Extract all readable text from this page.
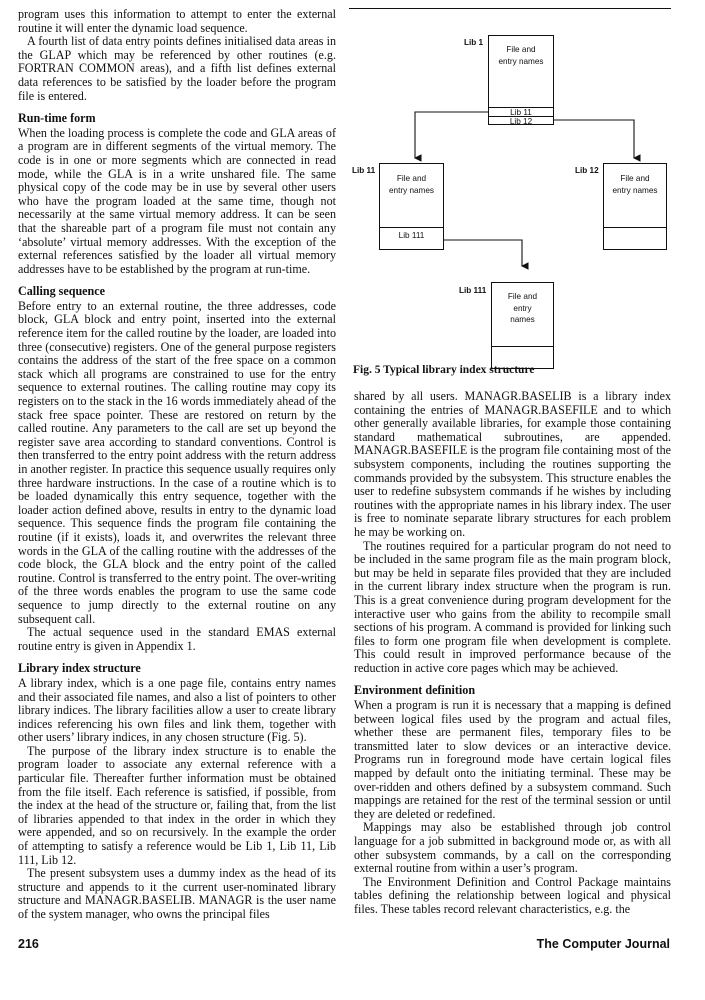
program uses this information to attempt to enter the external routine it will enter the dynamic load sequence.

A fourth list of data entry points defines initialised data areas in the GLAP which may be referenced by other routines (e.g. FORTRAN COMMON areas), and a fifth list defines external data references to be satisfied by the loader before the program file is entered.

Run-time form

When the loading process is complete the code and GLA areas of a program are in different segments of the virtual memory. The code is in one or more segments which are connected in read mode, while the GLA is in a write unshared file. The same physical copy of the code may be in use by several other users who have the program loaded at the same time, though not necessarily at the same virtual memory address. It can be seen that the shareable part of a program file must not contain any ‘absolute’ virtual memory addresses. With the exception of the external references satisfied by the loader all virtual memory addresses have to be established by the program at run-time.

Calling sequence

Before entry to an external routine, the three addresses, code block, GLA block and entry point, inserted into the external reference item for the called routine by the loader, are loaded into three (consecutive) registers. One of the general purpose registers contains the address of the start of the free space on a common stack which all programs are constrained to use for the entry sequence to external routines. The calling routine may copy its registers on to the stack in the 16 words immediately ahead of the stack free space pointer. These are restored on return by the called routine. Any parameters to the call are set up beyond the register save area according to standard conventions. Control is then transferred to the entry point address with the return address in another register. In practice this sequence usually requires only three hardware instructions. In the case of a routine which is to be loaded dynamically this entry sequence, together with the loader action defined above, results in entry to the dynamic load sequence. This sequence finds the program file containing the routine (if it exists), loads it, and overwrites the relevant three words in the GLA of the calling routine with the addresses of the code block, the GLA block and the entry point of the called routine. Control is transferred to the entry point. The over-writing of the three words enables the program to use the same code sequence to jump directly to the external routine on any subsequent call.

The actual sequence used in the standard EMAS external routine entry is given in Appendix 1.

Library index structure

A library index, which is a one page file, contains entry names and their associated file names, and also a list of pointers to other library indices. The library facilities allow a user to create library indices referencing his own files and link them, together with other users’ library indices, in any chosen structure (Fig. 5).

The purpose of the library index structure is to enable the program loader to associate any external reference with a particular file. Thereafter further information must be obtained from the file itself. Each reference is satisfied, if possible, from the index at the head of the structure or, failing that, from the list of libraries appended to that index in the order in which they were appended, and so on recursively. In the example the order of attempting to satisfy a reference would be Lib 1, Lib 11, Lib 111, Lib 12.

The present subsystem uses a dummy index as the head of its structure and appends to it the current user-nominated library structure and MANAGR.BASELIB. MANAGR is the user name of the system manager, who owns the principal files

Lib 1
File and entry names
Lib 11
Lib 12
Lib 11
File and entry names
Lib 111
Lib 12
File and entry names
Lib 111
File and entry names
Fig. 5 Typical library index structure

shared by all users. MANAGR.BASELIB is a library index containing the entries of MANAGR.BASEFILE and to which other generally available libraries, for example those containing standard mathematical subroutines, are appended. MANAGR.BASEFILE is the program file containing most of the subsystem components, including the routines supporting the commands provided by the subsystem. This structure enables the user to redefine subsystem commands if he wishes by including routines with the appropriate names in his library index. The user is free to nominate separate library structures for each problem he may be working on.

The routines required for a particular program do not need to be included in the same program file as the main program block, but may be held in separate files provided that they are included in the current library index structure when the program is run. This is a great convenience during program development for the interactive user who gains from the ability to recompile small sections of his program. A command is provided for linking such files to form one program file when development is complete. This could result in improved performance because of the reduction in active core pages which may be achieved.

Environment definition

When a program is run it is necessary that a mapping is defined between logical files used by the program and actual files, whether these are permanent files, temporary files to be transmitted later to slow devices or an interactive device. Programs run in foreground mode have certain logical files mapped by default onto the initiating terminal. These may be over-ridden and others defined by a subsystem command. Such mappings are retained for the rest of the terminal session or until they are deleted or redefined.

Mappings may also be established through job control language for a job submitted in background mode or, as with all other subsystem commands, by a call on the corresponding external routine from within a user’s program.

The Environment Definition and Control Package maintains tables defining the relationship between logical and physical files. These tables record relevant characteristics, e.g. the

216	The Computer Journal
